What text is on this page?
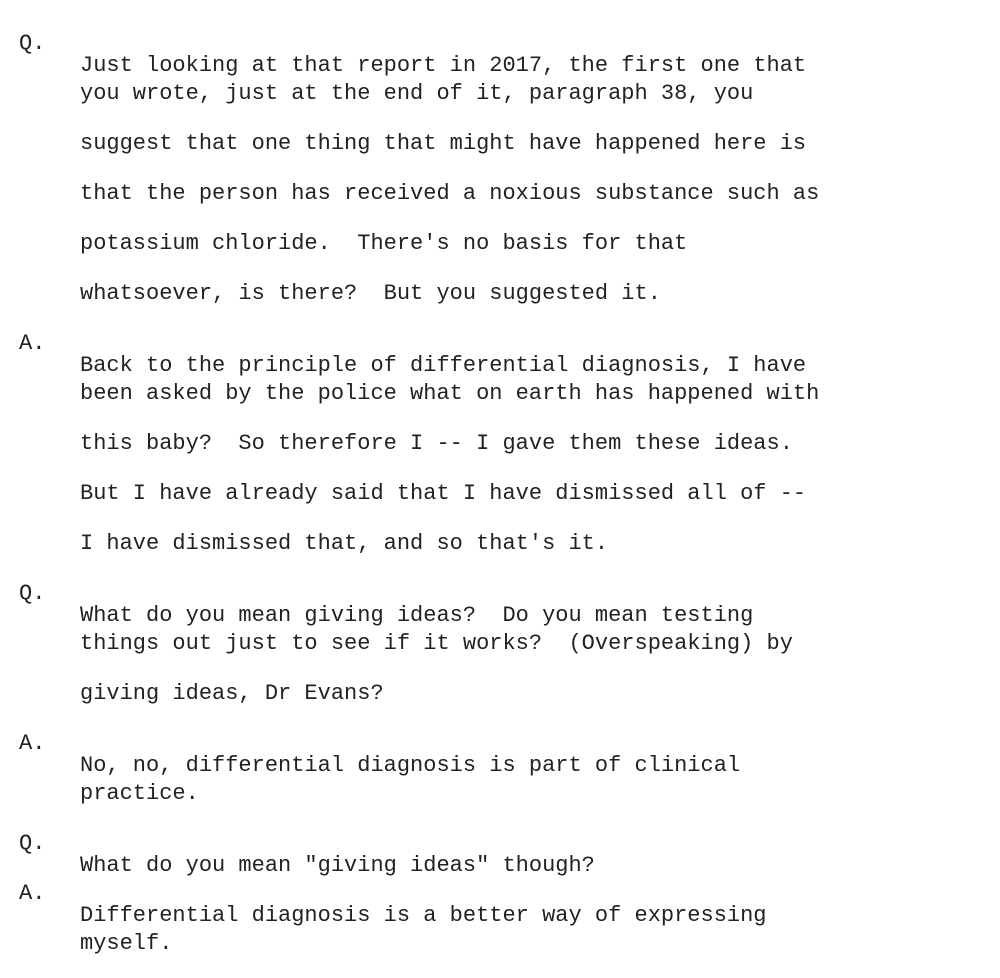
Q.

Just looking at that report in 2017, the first one that

you wrote, just at the end of it, paragraph 38, you

suggest that one thing that might have happened here is

that the person has received a noxious substance such as

potassium chloride.  There's no basis for that

whatsoever, is there?  But you suggested it.

A.

Back to the principle of differential diagnosis, I have

been asked by the police what on earth has happened with

this baby?  So therefore I -- I gave them these ideas.

But I have already said that I have dismissed all of --

I have dismissed that, and so that's it.

Q.

What do you mean giving ideas?  Do you mean testing

things out just to see if it works?  (Overspeaking) by

giving ideas, Dr Evans?

A.

No, no, differential diagnosis is part of clinical

practice.

Q.

What do you mean "giving ideas" though?

A.

Differential diagnosis is a better way of expressing

myself.
